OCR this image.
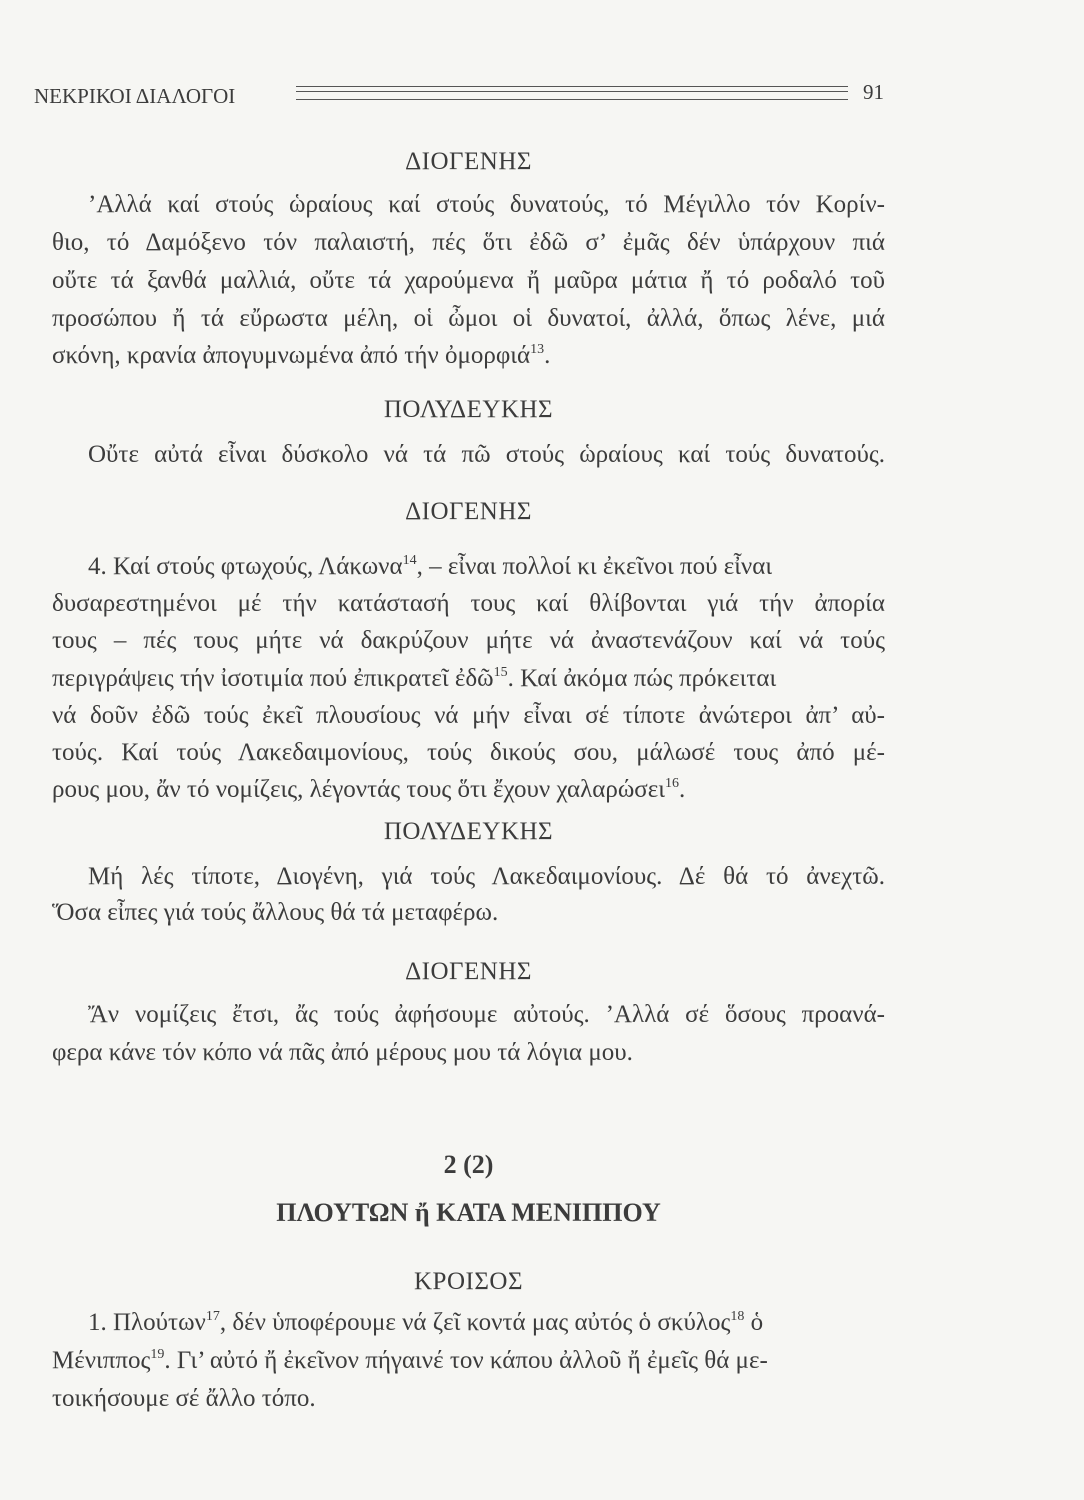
ΝΕΚΡΙΚΟΙ ΔΙΑΛΟΓΟΙ	91
ΔΙΟΓΕΝΗΣ
’Αλλά καί στούς ὡραίους καί στούς δυνατούς, τό Μέγιλλο τόν Κορίν-
θιο, τό Δαμόξενο τόν παλαιστή, πές ὅτι ἐδῶ σ’ ἐμᾶς δέν ὑπάρχουν πιά
οὔτε τά ξανθά μαλλιά, οὔτε τά χαρούμενα ἤ μαῦρα μάτια ἤ τό ροδαλό τοῦ
προσώπου ἤ τά εὔρωστα μέλη, οἱ ὦμοι οἱ δυνατοί, ἀλλά, ὅπως λένε, μιά
σκόνη, κρανία ἀπογυμνωμένα ἀπό τήν ὀμορφιά$^{13}$.
ΠΟΛΥΔΕΥΚΗΣ
Οὔτε αὐτά εἶναι δύσκολο νά τά πῶ στούς ὡραίους καί τούς δυνατούς.
ΔΙΟΓΕΝΗΣ
4. Καί στούς φτωχούς, Λάκωνα$^{14}$, – εἶναι πολλοί κι ἐκεῖνοι πού εἶναι
δυσαρεστημένοι μέ τήν κατάστασή τους καί θλίβονται γιά τήν ἀπορία
τους – πές τους μήτε νά δακρύζουν μήτε νά ἀναστενάζουν καί νά τούς
περιγράψεις τήν ἰσοτιμία πού ἐπικρατεῖ ἐδῶ$^{15}$. Καί ἀκόμα πώς πρόκειται
νά δοῦν ἐδῶ τούς ἐκεῖ πλουσίους νά μήν εἶναι σέ τίποτε ἀνώτεροι ἀπ’ αὐ-
τούς. Καί τούς Λακεδαιμονίους, τούς δικούς σου, μάλωσέ τους ἀπό μέ-
ρους μου, ἄν τό νομίζεις, λέγοντάς τους ὅτι ἔχουν χαλαρώσει$^{16}$.
ΠΟΛΥΔΕΥΚΗΣ
Μή λές τίποτε, Διογένη, γιά τούς Λακεδαιμονίους. Δέ θά τό ἀνεχτῶ.
Ὅσα εἶπες γιά τούς ἄλλους θά τά μεταφέρω.
ΔΙΟΓΕΝΗΣ
Ἄν νομίζεις ἔτσι, ἄς τούς ἀφήσουμε αὐτούς. ’Αλλά σέ ὅσους προανά-
φερα κάνε τόν κόπο νά πᾶς ἀπό μέρους μου τά λόγια μου.
2 (2)
ΠΛΟΥΤΩΝ ἤ ΚΑΤΑ ΜΕΝΙΠΠΟΥ
ΚΡΟΙΣΟΣ
1. Πλούτων$^{17}$, δέν ὑποφέρουμε νά ζεῖ κοντά μας αὐτός ὁ σκύλος$^{18}$ ὁ
Μένιππος$^{19}$. Γι’ αὐτό ἤ ἐκεῖνον πήγαινέ τον κάπου ἀλλοῦ ἤ ἐμεῖς θά με-
τοικήσουμε σέ ἄλλο τόπο.
